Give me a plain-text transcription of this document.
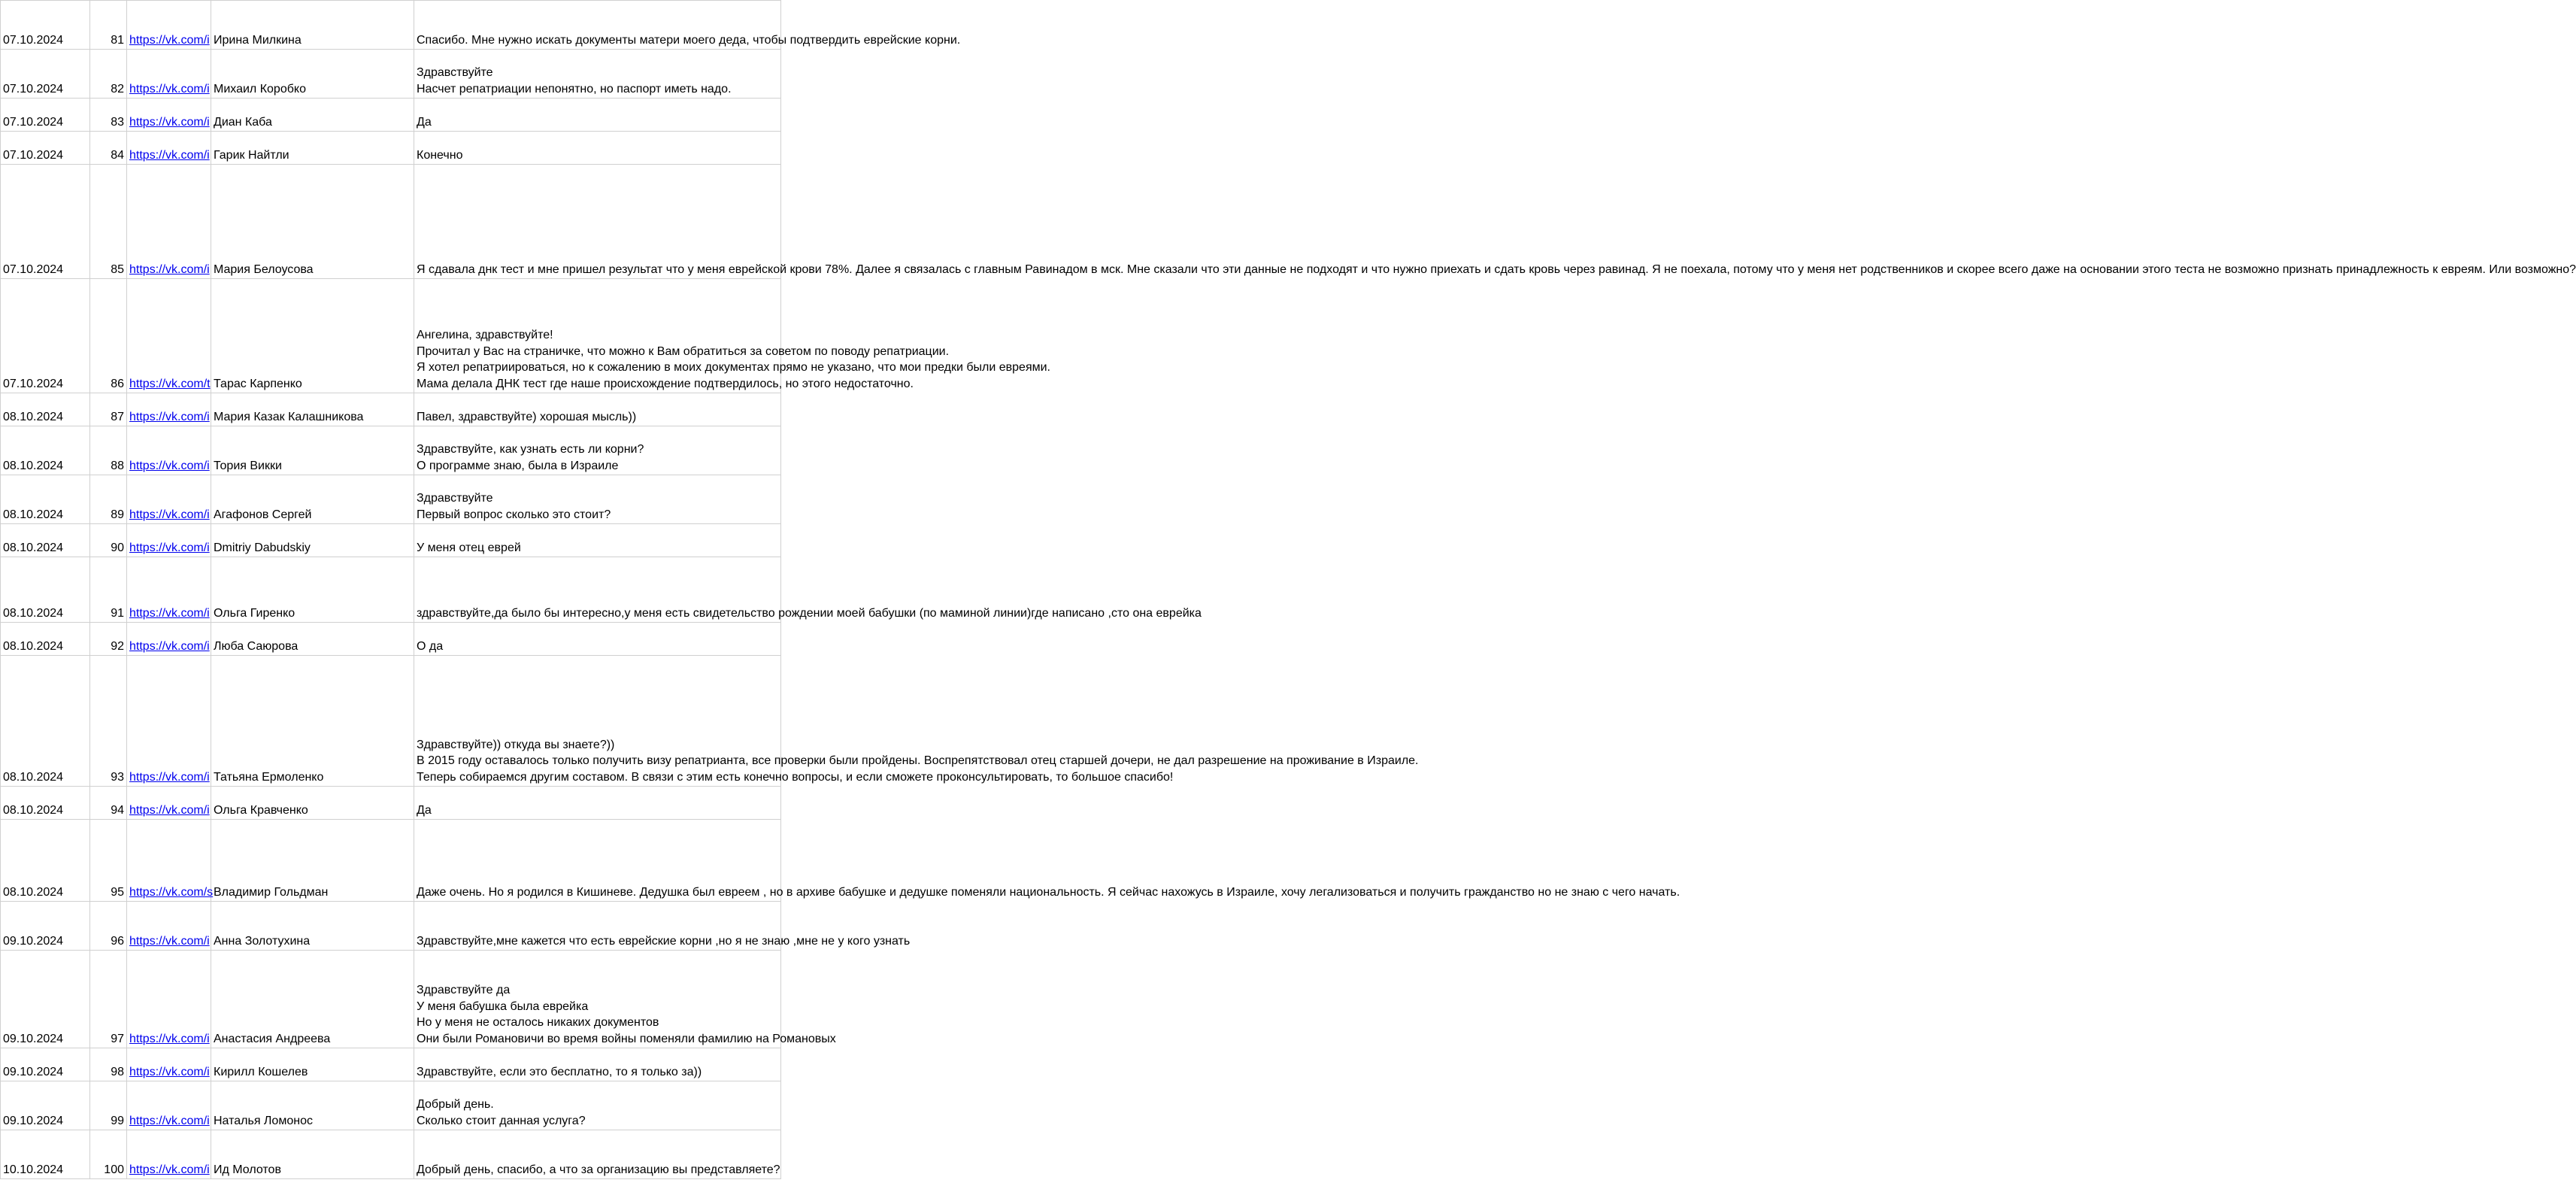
07.10.2024	81	https://vk.com/i	Ирина Милкина	Спасибо. Мне нужно искать документы матери моего деда, чтобы подтвердить еврейские корни.

07.10.2024	82	https://vk.com/i	Михаил Коробко	Здравствуйте
Насчет репатриации непонятно, но паспорт иметь надо.

07.10.2024	83	https://vk.com/i	Диан Каба	Да

07.10.2024	84	https://vk.com/i	Гарик Найтли	Конечно

07.10.2024	85	https://vk.com/i	Мария Белоусова	Я сдавала днк тест и мне пришел результат что у меня еврейской крови 78%. Далее я связалась с главным Равинадом в мск. Мне сказали что эти данные не подходят и что нужно приехать и сдать кровь через равинад. Я не поехала, потому что у меня нет родственников и скорее всего даже на основании этого теста не возможно признать принадлежность к евреям. Или возможно?

07.10.2024	86	https://vk.com/t	Тарас Карпенко	Ангелина, здравствуйте!
Прочитал у Вас на страничке, что можно к Вам обратиться за советом по поводу репатриации.
Я хотел репатриироваться, но к сожалению в моих документах прямо не указано, что мои предки были евреями.
Мама делала ДНК тест где наше происхождение подтвердилось, но этого недостаточно.

08.10.2024	87	https://vk.com/i	Мария Казак Калашникова	Павел, здравствуйте) хорошая мысль))

08.10.2024	88	https://vk.com/i	Тория Викки	Здравствуйте, как узнать есть ли корни?
О программе знаю, была в Израиле

08.10.2024	89	https://vk.com/i	Агафонов Сергей	Здравствуйте
Первый вопрос сколько это стоит?

08.10.2024	90	https://vk.com/i	Dmitriy Dabudskiy	У меня отец еврей

08.10.2024	91	https://vk.com/i	Ольга Гиренко	здравствуйте,да было бы интересно,у меня есть свидетельство рождении моей бабушки (по маминой линии)где написано ,сто она еврейка

08.10.2024	92	https://vk.com/i	Люба Саюрова	О да

08.10.2024	93	https://vk.com/i	Татьяна Ермоленко	Здравствуйте)) откуда вы знаете?))
В 2015 году оставалось только получить визу репатрианта, все проверки были пройдены. Воспрепятствовал отец старшей дочери, не дал разрешение на проживание в Израиле.
Теперь собираемся другим составом. В связи с этим есть конечно вопросы, и если сможете проконсультировать, то большое спасибо!

08.10.2024	94	https://vk.com/i	Ольга Кравченко	Да

08.10.2024	95	https://vk.com/s	Владимир Гольдман	Даже очень. Но я родился в Кишиневе. Дедушка был евреем , но в архиве бабушке и дедушке поменяли национальность. Я сейчас нахожусь в Израиле, хочу легализоваться и получить гражданство но не знаю с чего начать.

09.10.2024	96	https://vk.com/i	Анна Золотухина	Здравствуйте,мне кажется что есть еврейские корни ,но я не знаю ,мне не у кого узнать

09.10.2024	97	https://vk.com/i	Анастасия Андреева	Здравствуйте да
У меня бабушка была еврейка
Но у меня не осталось никаких документов
Они были Романовичи во время войны поменяли фамилию на Романовых

09.10.2024	98	https://vk.com/i	Кирилл Кошелев	Здравствуйте, если это бесплатно, то я только за))

09.10.2024	99	https://vk.com/i	Наталья Ломонос	Добрый день.
Сколько стоит данная услуга?

10.10.2024	100	https://vk.com/i	Ид Молотов	Добрый день, спасибо, а что за организацию вы представляете?
